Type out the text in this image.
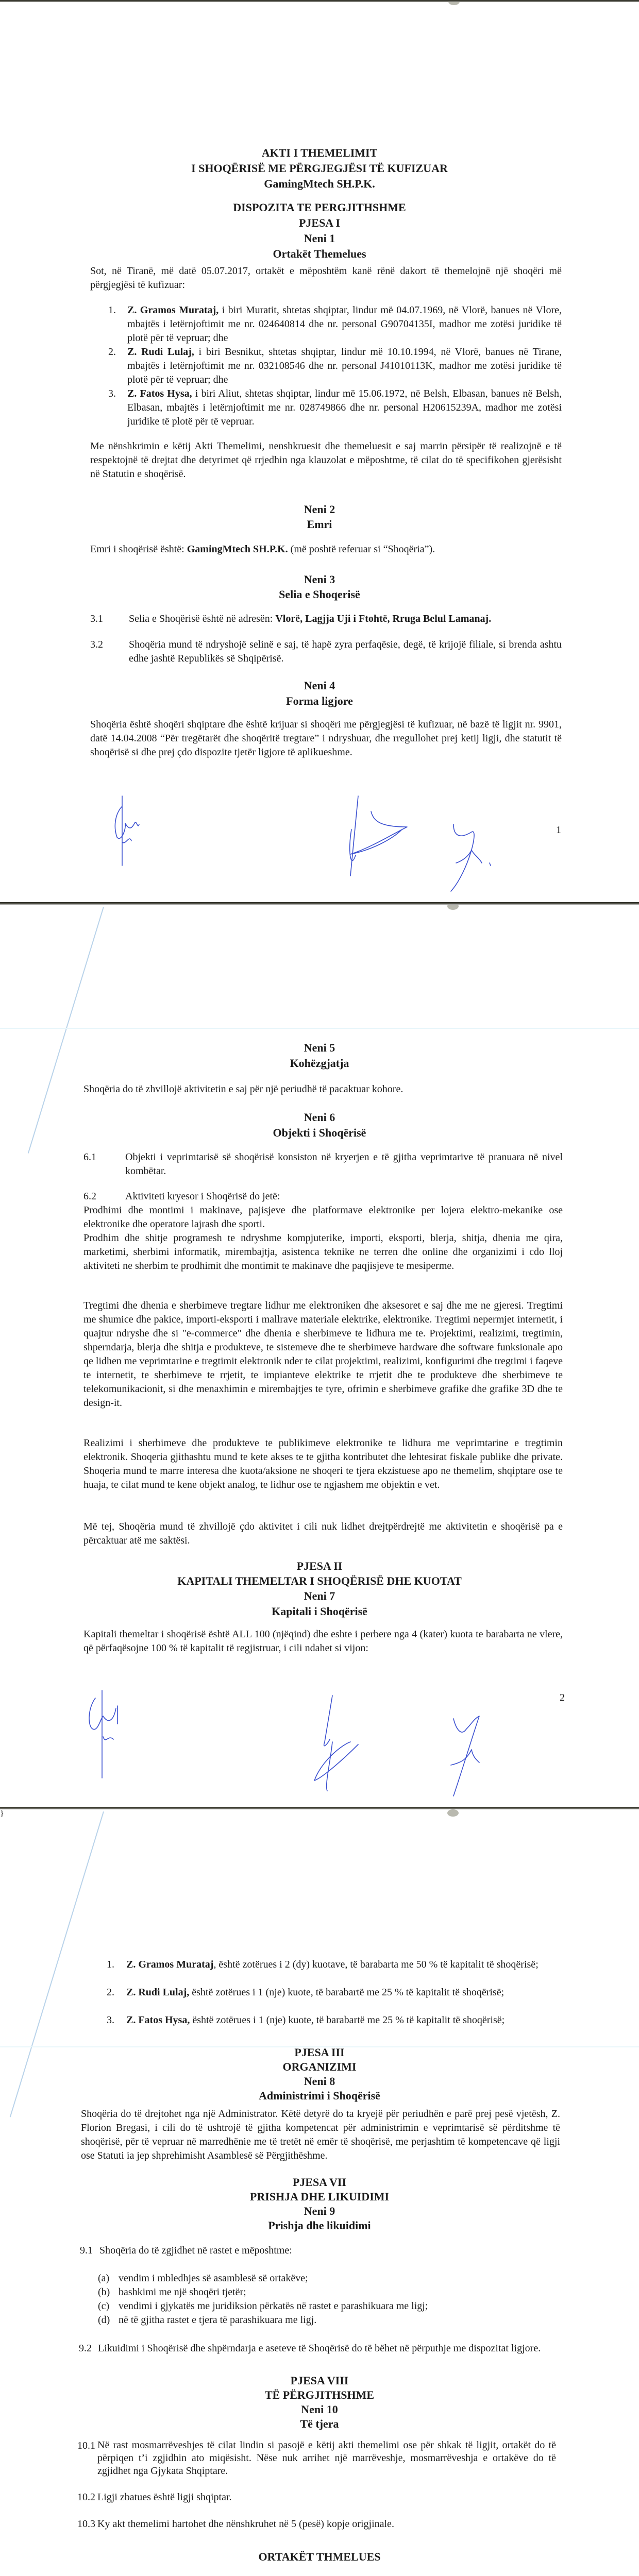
AKTI I THEMELIMIT
I SHOQËRISË ME PËRGJEGJËSI TË KUFIZUAR
GamingMtech SH.P.K.
DISPOZITA TE PERGJITHSHME
PJESA I
Neni 1
Ortakët Themelues
Sot, në Tiranë, më datë 05.07.2017, ortakët e mëposhtëm kanë rënë dakort të themelojnë një shoqëri më përgjegjësi të kufizuar:
1. Z. Gramos Murataj, i biri Muratit, shtetas shqiptar, lindur më 04.07.1969, në Vlorë, banues në Vlore, mbajtës i letërnjoftimit me nr. 024640814 dhe nr. personal G90704135I, madhor me zotësi juridike të plotë për të vepruar; dhe
2. Z. Rudi Lulaj, i biri Besnikut, shtetas shqiptar, lindur më 10.10.1994, në Vlorë, banues në Tirane, mbajtës i letërnjoftimit me nr. 032108546 dhe nr. personal J41010113K, madhor me zotësi juridike të plotë për të vepruar; dhe
3. Z. Fatos Hysa, i biri Aliut, shtetas shqiptar, lindur më 15.06.1972, në Belsh, Elbasan, banues në Belsh, Elbasan, mbajtës i letërnjoftimit me nr. 028749866 dhe nr. personal H20615239A, madhor me zotësi juridike të plotë për të vepruar.
Me nënshkrimin e këtij Akti Themelimi, nenshkruesit dhe themeluesit e saj marrin përsipër të realizojnë e të respektojnë të drejtat dhe detyrimet që rrjedhin nga klauzolat e mëposhtme, të cilat do të specifikohen gjerësisht në Statutin e shoqërisë.
Neni 2
Emri
Emri i shoqërisë është: GamingMtech SH.P.K. (më poshtë referuar si “Shoqëria”).
Neni 3
Selia e Shoqerisë
3.1	Selia e Shoqërisë është në adresën: Vlorë, Lagjja Uji i Ftohtë, Rruga Belul Lamanaj.
3.2	Shoqëria mund të ndryshojë selinë e saj, të hapë zyra perfaqësie, degë, të krijojë filiale, si brenda ashtu edhe jashtë Republikës së Shqipërisë.
Neni 4
Forma ligjore
Shoqëria është shoqëri shqiptare dhe është krijuar si shoqëri me përgjegjësi të kufizuar, në bazë të ligjit nr. 9901, datë 14.04.2008 “Për tregëtarët dhe shoqëritë tregtare” i ndryshuar, dhe rregullohet prej ketij ligji, dhe statutit të shoqërisë si dhe prej çdo dispozite tjetër ligjore të aplikueshme.
1
Neni 5
Kohëzgjatja
Shoqëria do të zhvillojë aktivitetin e saj për një periudhë të pacaktuar kohore.
Neni 6
Objekti i Shoqërisë
6.1	Objekti i veprimtarisë së shoqërisë konsiston në kryerjen e të gjitha veprimtarive të pranuara në nivel kombëtar.
6.2	Aktiviteti kryesor i Shoqërisë do jetë:
Prodhimi dhe montimi i makinave, pajisjeve dhe platformave elektronike per lojera elektro-mekanike ose elektronike dhe operatore lajrash dhe sporti.
Prodhim dhe shitje programesh te ndryshme kompjuterike, importi, eksporti, blerja, shitja, dhenia me qira, marketimi, sherbimi informatik, mirembajtja, asistenca teknike ne terren dhe online dhe organizimi i cdo lloj aktiviteti ne sherbim te prodhimit dhe montimit te makinave dhe paqjisjeve te mesiperme.
Tregtimi dhe dhenia e sherbimeve tregtare lidhur me elektroniken dhe aksesoret e saj dhe me ne gjeresi. Tregtimi me shumice dhe pakice, importi-eksporti i mallrave materiale elektrike, elektronike. Tregtimi nepermjet internetit, i quajtur ndryshe dhe si "e-commerce" dhe dhenia e sherbimeve te lidhura me te. Projektimi, realizimi, tregtimin, shperndarja, blerja dhe shitja e produkteve, te sistemeve dhe te sherbimeve hardware dhe software funksionale apo qe lidhen me veprimtarine e tregtimit elektronik nder te cilat projektimi, realizimi, konfigurimi dhe tregtimi i faqeve te internetit, te sherbimeve te rrjetit, te impianteve elektrike te rrjetit dhe te produkteve dhe sherbimeve te telekomunikacionit, si dhe menaxhimin e mirembajtjes te tyre, ofrimin e sherbimeve grafike dhe grafike 3D dhe te design-it.
Realizimi i sherbimeve dhe produkteve te publikimeve elektronike te lidhura me veprimtarine e tregtimin elektronik. Shoqeria gjithashtu mund te kete akses te te gjitha kontributet dhe lehtesirat fiskale publike dhe private. Shoqeria mund te marre interesa dhe kuota/aksione ne shoqeri te tjera ekzistuese apo ne themelim, shqiptare ose te huaja, te cilat mund te kene objekt analog, te lidhur ose te ngjashem me objektin e vet.
Më tej, Shoqëria mund të zhvillojë çdo aktivitet i cili nuk lidhet drejtpërdrejtë me aktivitetin e shoqërisë pa e përcaktuar atë me saktësi.
PJESA II
KAPITALI THEMELTAR I SHOQËRISË DHE KUOTAT
Neni 7
Kapitali i Shoqërisë
Kapitali themeltar i shoqërisë është ALL 100 (njëqind) dhe eshte i perbere nga 4 (kater) kuota te barabarta ne vlere, që përfaqësojne 100 % të kapitalit të regjistruar, i cili ndahet si vijon:
2
1. Z. Gramos Murataj, është zotërues i 2 (dy) kuotave, të barabarta me 50 % të kapitalit të shoqërisë;
2. Z. Rudi Lulaj, është zotërues i 1 (nje) kuote, të barabartë me 25 % të kapitalit të shoqërisë;
3. Z. Fatos Hysa, është zotërues i 1 (nje) kuote, të barabartë me 25 % të kapitalit të shoqërisë;
}
PJESA III
ORGANIZIMI
Neni 8
Administrimi i Shoqërisë
Shoqëria do të drejtohet nga një Administrator. Këtë detyrë do ta kryejë për periudhën e parë prej pesë vjetësh, Z. Florion Bregasi, i cili do të ushtrojë të gjitha kompetencat për administrimin e veprimtarisë së përditshme të shoqërisë, për të vepruar në marredhënie me të tretët në emër të shoqërisë, me perjashtim të kompetencave që ligji ose Statuti ia jep shprehimisht Asamblesë së Përgjithëshme.
PJESA VII
PRISHJA DHE LIKUIDIMI
Neni 9
Prishja dhe likuidimi
9.1 Shoqëria do të zgjidhet në rastet e mëposhtme:
(a) vendim i mbledhjes së asamblesë së ortakëve;
(b) bashkimi me një shoqëri tjetër;
(c) vendimi i gjykatës me juridiksion përkatës në rastet e parashikuara me ligj;
(d) në të gjitha rastet e tjera të parashikuara me ligj.
9.2 Likuidimi i Shoqërisë dhe shpërndarja e aseteve të Shoqërisë do të bëhet në përputhje me dispozitat ligjore.
PJESA VIII
TË PËRGJITHSHME
Neni 10
Të tjera
10.1 Në rast mosmarrëveshjes të cilat lindin si pasojë e këtij akti themelimi ose për shkak të ligjit, ortakët do të përpiqen t’i zgjidhin ato miqësisht. Nëse nuk arrihet një marrëveshje, mosmarrëveshja e ortakëve do të zgjidhet nga Gjykata Shqiptare.
10.2 Ligji zbatues është ligji shqiptar.
10.3 Ky akt themelimi hartohet dhe nënshkruhet në 5 (pesë) kopje origjinale.
ORTAKËT THMELUES
